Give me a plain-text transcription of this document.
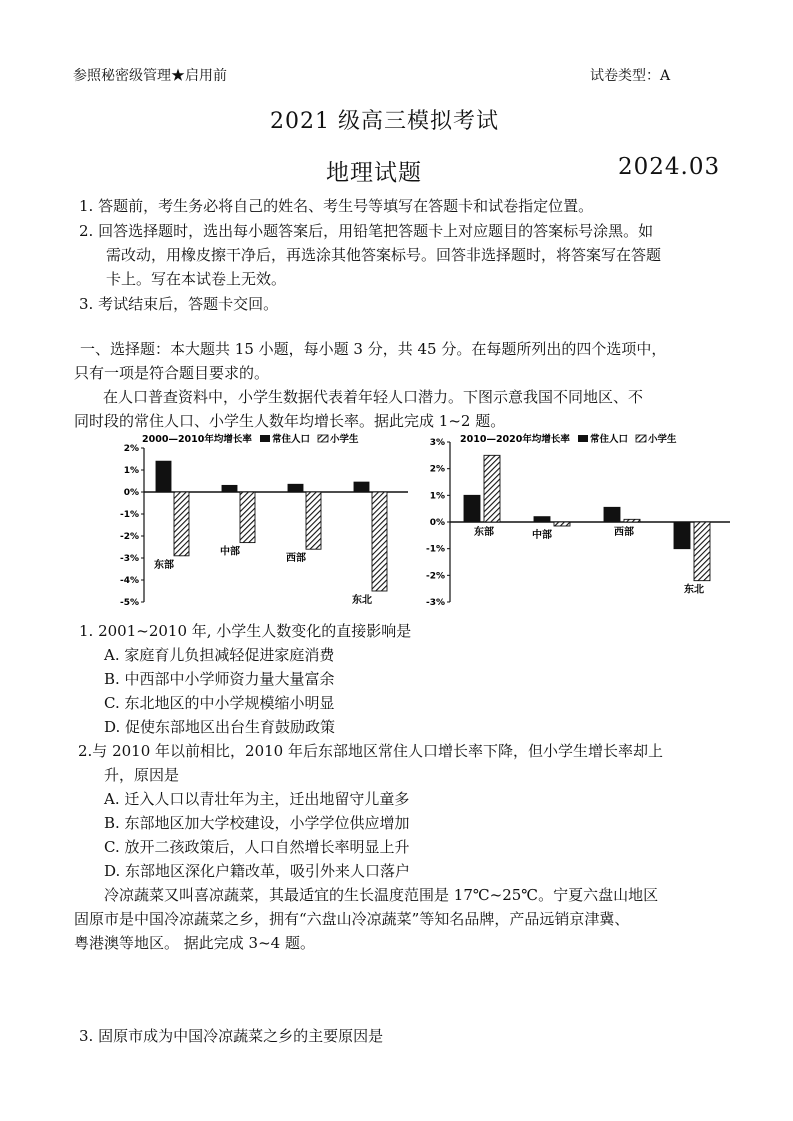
参照秘密级管理★启用前	试卷类型：A
2021 级高三模拟考试
地理试题	2024.03
1. 答题前，考生务必将自己的姓名、考生号等填写在答题卡和试卷指定位置。
2. 回答选择题时，选出每小题答案后，用铅笔把答题卡上对应题目的答案标号涂黑。如
需改动，用橡皮擦干净后，再选涂其他答案标号。回答非选择题时，将答案写在答题
卡上。写在本试卷上无效。
3. 考试结束后，答题卡交回。
一、选择题：本大题共 15 小题，每小题 3 分，共 45 分。在每题所列出的四个选项中，
只有一项是符合题目要求的。
在人口普查资料中，小学生数据代表着年轻人口潜力。下图示意我国不同地区、不
同时段的常住人口、小学生人数年均增长率。据此完成 1~2 题。
2000—2010年均增长率 常住人口 小学生
2%
1%
0%
-1%
-2%
-3%
-4%
-5%
东部
中部
西部
东北
2010—2020年均增长率 常住人口 小学生
3%
2%
1%
0%
-1%
-2%
-3%
东部	中部	西部
东北
1. 2001~2010 年, 小学生人数变化的直接影响是
A. 家庭育儿负担减轻促进家庭消费
B. 中西部中小学师资力量大量富余
C. 东北地区的中小学规模缩小明显
D. 促使东部地区出台生育鼓励政策
2.与 2010 年以前相比，2010 年后东部地区常住人口增长率下降，但小学生增长率却上
升，原因是
A. 迁入人口以青壮年为主，迁出地留守儿童多
B. 东部地区加大学校建设，小学学位供应增加
C. 放开二孩政策后，人口自然增长率明显上升
D. 东部地区深化户籍改革，吸引外来人口落户
冷凉蔬菜又叫喜凉蔬菜，其最适宜的生长温度范围是 17℃~25℃。宁夏六盘山地区
固原市是中国冷凉蔬菜之乡，拥有“六盘山冷凉蔬菜”等知名品牌，产品远销京津冀、
粤港澳等地区。 据此完成 3~4 题。
3. 固原市成为中国冷凉蔬菜之乡的主要原因是
